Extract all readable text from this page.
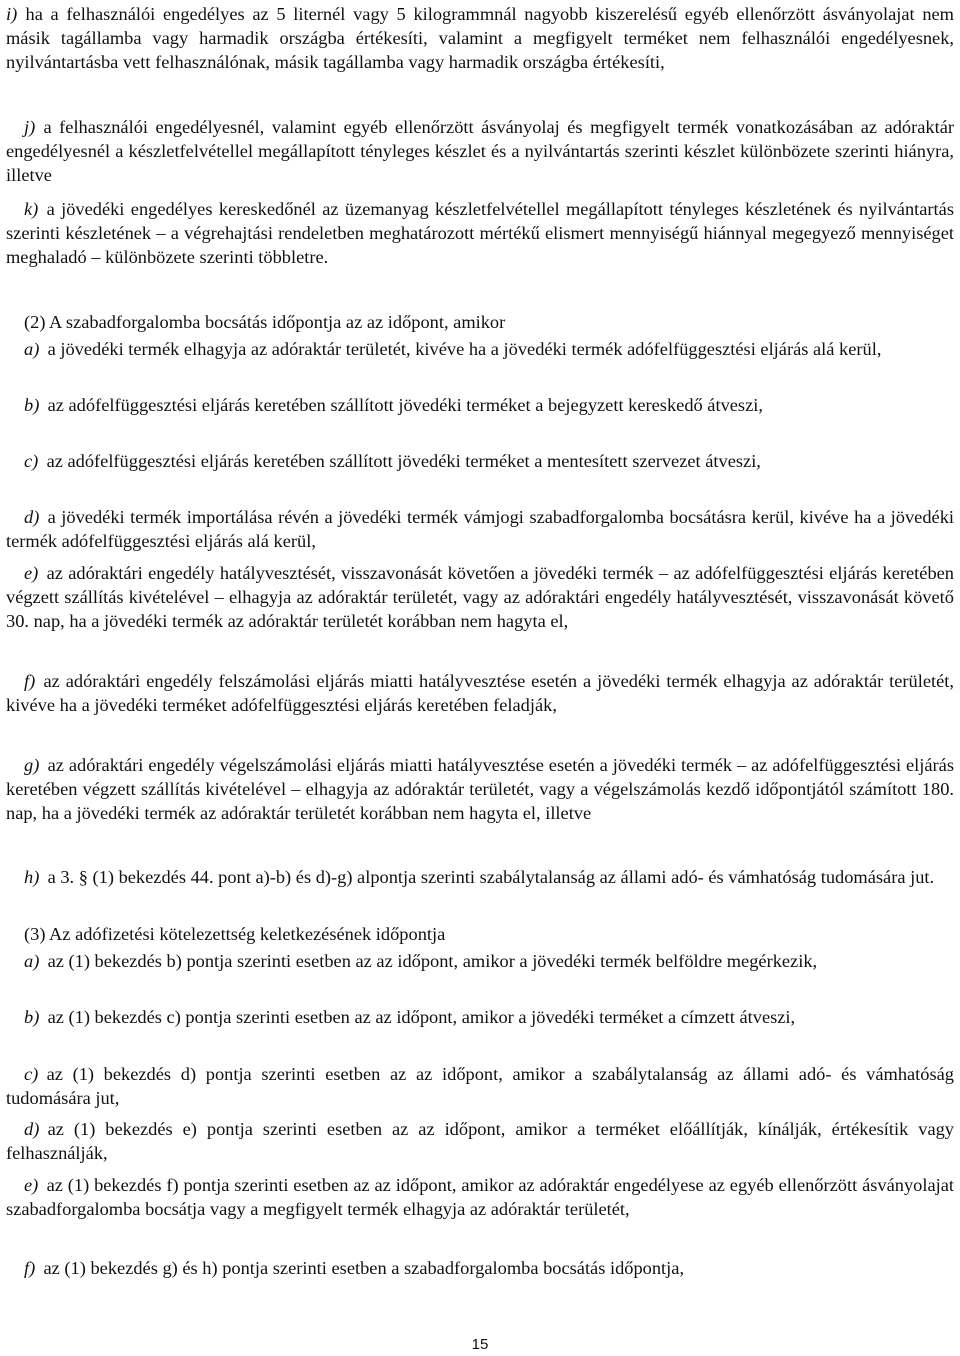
i) ha a felhasználói engedélyes az 5 liternél vagy 5 kilogrammnál nagyobb kiszerelésű egyéb ellenőrzött ásványolajat nem másik tagállamba vagy harmadik országba értékesíti, valamint a megfigyelt terméket nem felhasználói engedélyesnek, nyilvántartásba vett felhasználónak, másik tagállamba vagy harmadik országba értékesíti,
j) a felhasználói engedélyesnél, valamint egyéb ellenőrzött ásványolaj és megfigyelt termék vonatkozásában az adóraktár engedélyesnél a készletfelvétellel megállapított tényleges készlet és a nyilvántartás szerinti készlet különbözete szerinti hiányra, illetve
k) a jövedéki engedélyes kereskedőnél az üzemanyag készletfelvétellel megállapított tényleges készletének és nyilvántartás szerinti készletének – a végrehajtási rendeletben meghatározott mértékű elismert mennyiségű hiánnyal megegyező mennyiséget meghaladó – különbözete szerinti többletre.
(2) A szabadforgalomba bocsátás időpontja az az időpont, amikor
a) a jövedéki termék elhagyja az adóraktár területét, kivéve ha a jövedéki termék adófelfüggesztési eljárás alá kerül,
b) az adófelfüggesztési eljárás keretében szállított jövedéki terméket a bejegyzett kereskedő átveszi,
c) az adófelfüggesztési eljárás keretében szállított jövedéki terméket a mentesített szervezet átveszi,
d) a jövedéki termék importálása révén a jövedéki termék vámjogi szabadforgalomba bocsátásra kerül, kivéve ha a jövedéki termék adófelfüggesztési eljárás alá kerül,
e) az adóraktári engedély hatályvesztését, visszavonását követően a jövedéki termék – az adófelfüggesztési eljárás keretében végzett szállítás kivételével – elhagyja az adóraktár területét, vagy az adóraktári engedély hatályvesztését, visszavonását követő 30. nap, ha a jövedéki termék az adóraktár területét korábban nem hagyta el,
f) az adóraktári engedély felszámolási eljárás miatti hatályvesztése esetén a jövedéki termék elhagyja az adóraktár területét, kivéve ha a jövedéki terméket adófelfüggesztési eljárás keretében feladják,
g) az adóraktári engedély végelszámolási eljárás miatti hatályvesztése esetén a jövedéki termék – az adófelfüggesztési eljárás keretében végzett szállítás kivételével – elhagyja az adóraktár területét, vagy a végelszámolás kezdő időpontjától számított 180. nap, ha a jövedéki termék az adóraktár területét korábban nem hagyta el, illetve
h) a 3. § (1) bekezdés 44. pont a)-b) és d)-g) alpontja szerinti szabálytalanság az állami adó- és vámhatóság tudomására jut.
(3) Az adófizetési kötelezettség keletkezésének időpontja
a) az (1) bekezdés b) pontja szerinti esetben az az időpont, amikor a jövedéki termék belföldre megérkezik,
b) az (1) bekezdés c) pontja szerinti esetben az az időpont, amikor a jövedéki terméket a címzett átveszi,
c) az (1) bekezdés d) pontja szerinti esetben az az időpont, amikor a szabálytalanság az állami adó- és vámhatóság tudomására jut,
d) az (1) bekezdés e) pontja szerinti esetben az az időpont, amikor a terméket előállítják, kínálják, értékesítik vagy felhasználják,
e) az (1) bekezdés f) pontja szerinti esetben az az időpont, amikor az adóraktár engedélyese az egyéb ellenőrzött ásványolajat szabadforgalomba bocsátja vagy a megfigyelt termék elhagyja az adóraktár területét,
f) az (1) bekezdés g) és h) pontja szerinti esetben a szabadforgalomba bocsátás időpontja,
15
